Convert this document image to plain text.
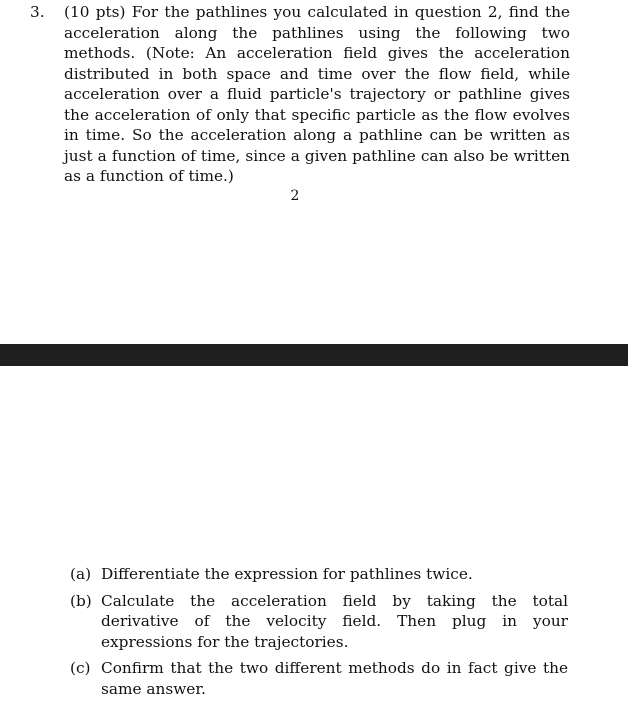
3. (10 pts) For the pathlines you calculated in question 2, find the acceleration along the pathlines using the following two methods. (Note: An acceleration field gives the acceleration distributed in both space and time over the flow field, while acceleration over a fluid particle's trajectory or pathline gives the acceleration of only that specific particle as the flow evolves in time. So the acceleration along a pathline can be written as just a function of time, since a given pathline can also be written as a function of time.)
2
(a) Differentiate the expression for pathlines twice.
(b) Calculate the acceleration field by taking the total derivative of the velocity field. Then plug in your expressions for the trajectories.
(c) Confirm that the two different methods do in fact give the same answer.
